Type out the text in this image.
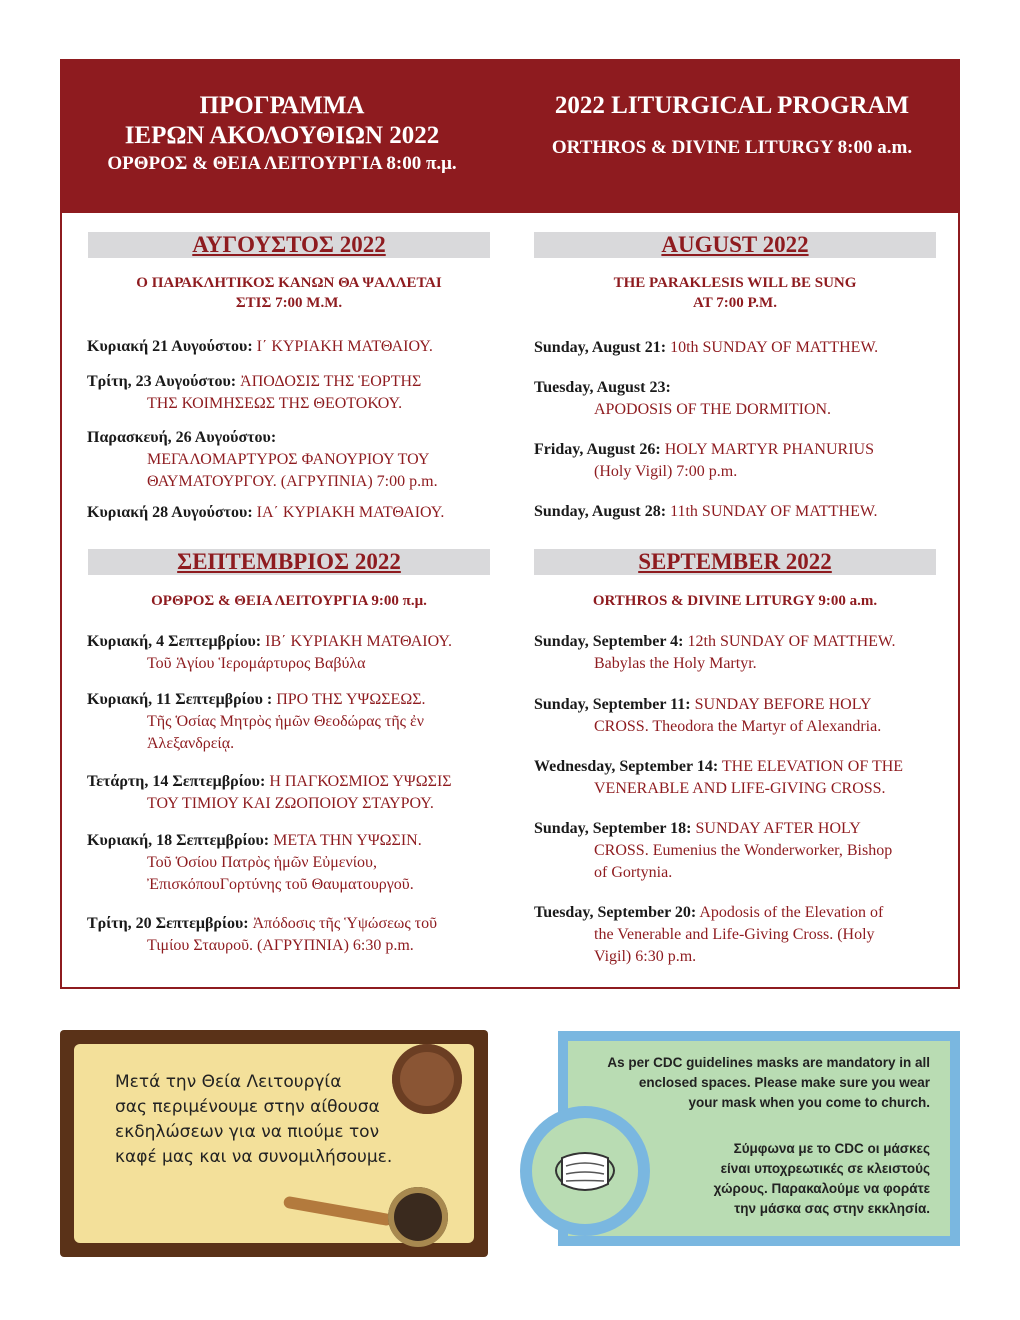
ΠΡΟΓΡΑΜΜΑ
ΙΕΡΩΝ ΑΚΟΛΟΥΘΙΩΝ 2022
ΟΡΘΡΟΣ & ΘΕΙΑ ΛΕΙΤΟΥΡΓΙΑ 8:00 π.μ.
2022 LITURGICAL PROGRAM
ORTHROS & DIVINE LITURGY 8:00 a.m.
ΑΥΓΟΥΣΤΟΣ 2022
Ο ΠΑΡΑΚΛΗΤΙΚΟΣ ΚΑΝΩΝ ΘΑ ΨΑΛΛΕΤΑΙ
ΣΤΙΣ 7:00 Μ.Μ.
Κυριακή 21 Αυγούστου: Ι΄ ΚΥΡΙΑΚΗ ΜΑΤΘΑΙΟΥ.
Τρίτη, 23 Αυγούστου: ἈΠΟΔΟΣΙΣ ΤΗΣ ἙΟΡΤΗΣ
ΤΗΣ ΚΟΙΜΗΣΕΩΣ ΤΗΣ ΘΕΟΤΟΚΟΥ.
Παρασκευή, 26 Αυγούστου:
ΜΕΓΑΛΟΜΑΡΤΥΡΟΣ ΦΑΝΟΥΡΙΟΥ ΤΟΥ
ΘΑΥΜΑΤΟΥΡΓΟΥ. (ΑΓΡΥΠΝΙΑ) 7:00 p.m.
Κυριακή 28 Αυγούστου: ΙΑ΄ ΚΥΡΙΑΚΗ ΜΑΤΘΑΙΟΥ.
ΣΕΠΤΕΜΒΡΙΟΣ 2022
ΟΡΘΡΟΣ & ΘΕΙΑ ΛΕΙΤΟΥΡΓΙΑ 9:00 π.μ.
Κυριακή, 4 Σεπτεμβρίου: ΙΒ΄ ΚΥΡΙΑΚΗ ΜΑΤΘΑΙΟΥ.
Τοῦ Ἁγίου Ἱερομάρτυρος Βαβύλα
Κυριακή, 11 Σεπτεμβρίου : ΠΡΟ ΤΗΣ ΥΨΩΣΕΩΣ.
Τῆς Ὁσίας Μητρὸς ἡμῶν Θεοδώρας τῆς ἐν
Ἀλεξανδρείᾳ.
Τετάρτη, 14 Σεπτεμβρίου: Η ΠΑΓΚΟΣΜΙΟΣ ΥΨΩΣΙΣ
ΤΟΥ ΤΙΜΙΟΥ ΚΑΙ ΖΩΟΠΟΙΟΥ ΣΤΑΥΡΟΥ.
Κυριακή, 18 Σεπτεμβρίου: ΜΕΤΑ ΤΗΝ ΥΨΩΣΙΝ.
Τοῦ Ὁσίου Πατρὸς ἡμῶν Εὐμενίου,
ἘπισκόπουΓορτύνης τοῦ Θαυματουργοῦ.
Τρίτη, 20 Σεπτεμβρίου: Ἀπόδοσις τῆς Ὑψώσεως τοῦ
Τιμίου Σταυροῦ. (ΑΓΡΥΠΝΙΑ) 6:30 p.m.
AUGUST 2022
THE PARAKLESIS WILL BE SUNG
AT 7:00 P.M.
Sunday, August 21: 10th SUNDAY OF MATTHEW.
Tuesday, August 23:
APODOSIS OF THE DORMITION.
Friday, August 26: HOLY MARTYR PHANURIUS
(Holy Vigil) 7:00 p.m.
Sunday, August 28: 11th SUNDAY OF MATTHEW.
SEPTEMBER 2022
ORTHROS & DIVINE LITURGY 9:00 a.m.
Sunday, September 4: 12th SUNDAY OF MATTHEW.
Babylas the Holy Martyr.
Sunday, September 11: SUNDAY BEFORE HOLY
CROSS. Theodora the Martyr of Alexandria.
Wednesday, September 14: THE ELEVATION OF THE
VENERABLE AND LIFE-GIVING CROSS.
Sunday, September 18: SUNDAY AFTER HOLY
CROSS. Eumenius the Wonderworker, Bishop
of Gortynia.
Tuesday, September 20: Apodosis of the Elevation of
the Venerable and Life-Giving Cross. (Holy
Vigil) 6:30 p.m.
Μετά την Θεία Λειτουργία
σας περιμένουμε στην αίθουσα
εκδηλώσεων για να πιούμε τον
καφέ μας και να συνομιλήσουμε.
As per CDC guidelines masks are mandatory in all
enclosed spaces. Please make sure you wear
your mask when you come to church.
Σύμφωνα με το CDC οι μάσκες
είναι υποχρεωτικές σε κλειστούς
χώρους. Παρακαλούμε να φοράτε
την μάσκα σας στην εκκλησία.
